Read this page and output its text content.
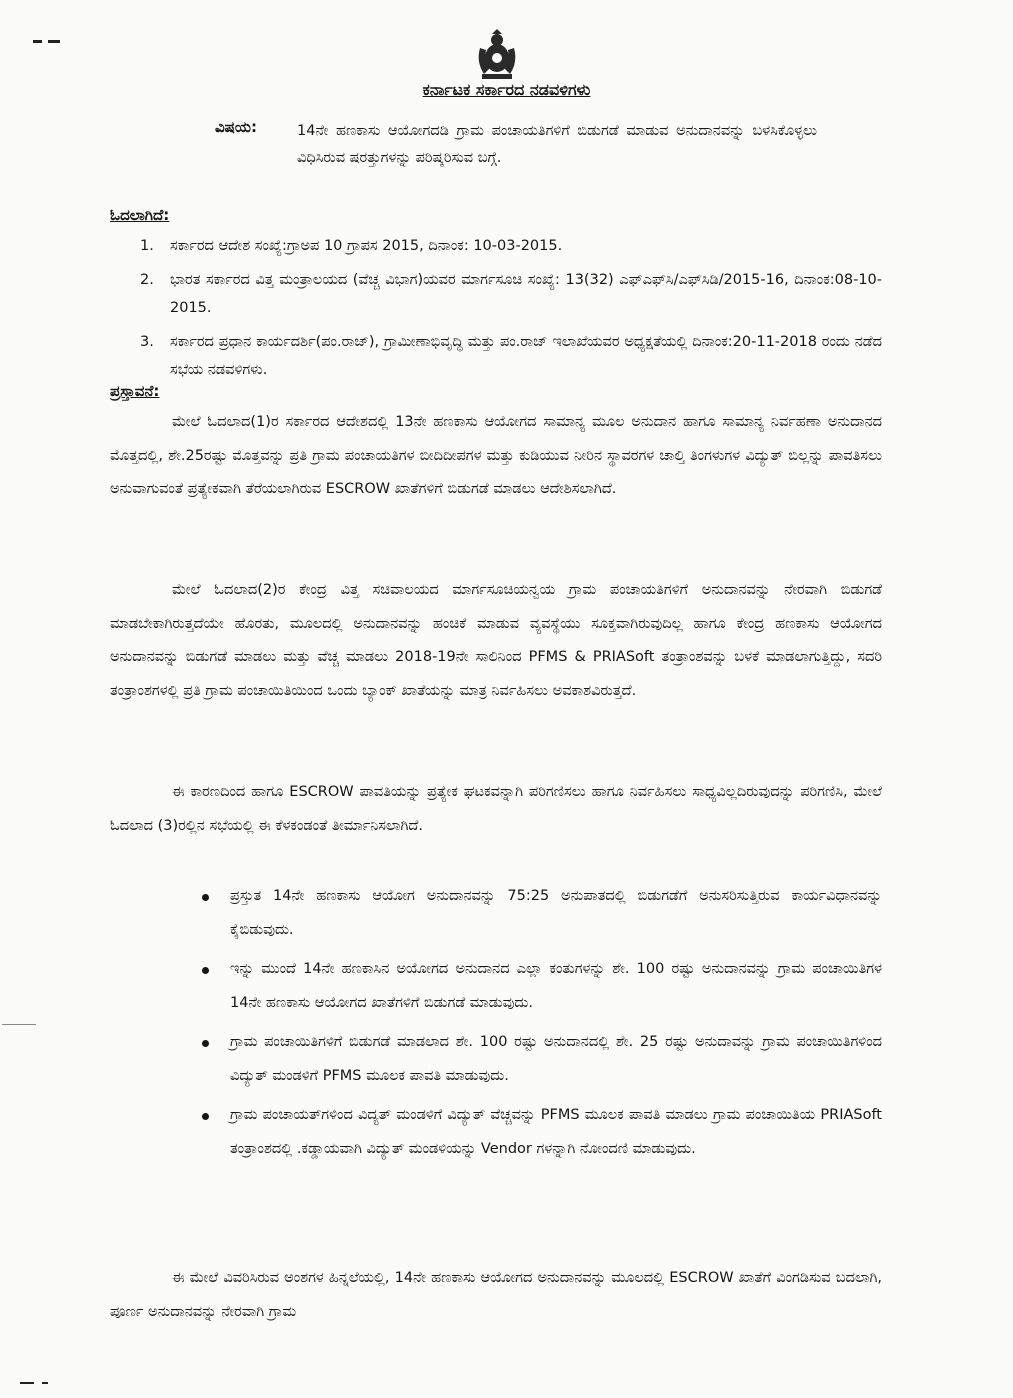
ಕರ್ನಾಟಕ ಸರ್ಕಾರದ ನಡವಳಿಗಳು
ವಿಷಯ:	14ನೇ ಹಣಕಾಸು ಆಯೋಗದಡಿ ಗ್ರಾಮ ಪಂಚಾಯತಿಗಳಿಗೆ ಬಿಡುಗಡೆ ಮಾಡುವ ಅನುದಾನವನ್ನು ಬಳಸಿಕೊಳ್ಳಲು ವಿಧಿಸಿರುವ ಷರತ್ತುಗಳನ್ನು ಪರಿಷ್ಕರಿಸುವ ಬಗ್ಗೆ.
ಓದಲಾಗಿದೆ:
1. ಸರ್ಕಾರದ ಆದೇಶ ಸಂಖ್ಯೆ:ಗ್ರಾಅಪ 10 ಗ್ರಾಪಸ 2015, ದಿನಾಂಕ: 10-03-2015.
2. ಭಾರತ ಸರ್ಕಾರದ ವಿತ್ತ ಮಂತ್ರಾಲಯದ (ವೆಚ್ಚ ವಿಭಾಗ)ಯವರ ಮಾರ್ಗಸೂಚಿ ಸಂಖ್ಯೆ: 13(32) ಎಫ್‌ಎಫ್‌ಸಿ/ಎಫ್‌ಸಿಡಿ/2015-16, ದಿನಾಂಕ:08-10-2015.
3. ಸರ್ಕಾರದ ಪ್ರಧಾನ ಕಾರ್ಯದರ್ಶಿ(ಪಂ.ರಾಜ್), ಗ್ರಾಮೀಣಾಭಿವೃದ್ಧಿ ಮತ್ತು ಪಂ.ರಾಜ್ ಇಲಾಖೆಯವರ ಅಧ್ಯಕ್ಷತೆಯಲ್ಲಿ ದಿನಾಂಕ:20-11-2018 ರಂದು ನಡೆದ ಸಭೆಯ ನಡವಳಿಗಳು.
ಪ್ರಸ್ತಾವನೆ:

ಮೇಲೆ ಓದಲಾದ(1)ರ ಸರ್ಕಾರದ ಆದೇಶದಲ್ಲಿ 13ನೇ ಹಣಕಾಸು ಆಯೋಗದ ಸಾಮಾನ್ಯ ಮೂಲ ಅನುದಾನ ಹಾಗೂ ಸಾಮಾನ್ಯ ನಿರ್ವಹಣಾ ಅನುದಾನದ ಮೊತ್ತದಲ್ಲಿ, ಶೇ.25ರಷ್ಟು ಮೊತ್ತವನ್ನು ಪ್ರತಿ ಗ್ರಾಮ ಪಂಚಾಯತಿಗಳ ಬೀದಿದೀಪಗಳ ಮತ್ತು ಕುಡಿಯುವ ನೀರಿನ ಸ್ಥಾವರಗಳ ಚಾಲ್ತಿ ತಿಂಗಳುಗಳ ವಿದ್ಯುತ್ ಬಿಲ್ಲನ್ನು ಪಾವತಿಸಲು ಅನುವಾಗುವಂತೆ ಪ್ರತ್ಯೇಕವಾಗಿ ತೆರೆಯಲಾಗಿರುವ ESCROW ಖಾತೆಗಳಿಗೆ ಬಿಡುಗಡೆ ಮಾಡಲು ಆದೇಶಿಸಲಾಗಿದೆ.

ಮೇಲೆ ಓದಲಾದ(2)ರ ಕೇಂದ್ರ ವಿತ್ತ ಸಚಿವಾಲಯದ ಮಾರ್ಗಸೂಚಿಯನ್ವಯ ಗ್ರಾಮ ಪಂಚಾಯತಿಗಳಿಗೆ ಅನುದಾನವನ್ನು ನೇರವಾಗಿ ಬಿಡುಗಡೆ ಮಾಡಬೇಕಾಗಿರುತ್ತದೆಯೇ ಹೊರತು, ಮೂಲದಲ್ಲಿ ಅನುದಾನವನ್ನು ಹಂಚಿಕೆ ಮಾಡುವ ವ್ಯವಸ್ಥೆಯು ಸೂಕ್ತವಾಗಿರುವುದಿಲ್ಲ ಹಾಗೂ ಕೇಂದ್ರ ಹಣಕಾಸು ಆಯೋಗದ ಅನುದಾನವನ್ನು ಬಿಡುಗಡೆ ಮಾಡಲು ಮತ್ತು ವೆಚ್ಚ ಮಾಡಲು 2018-19ನೇ ಸಾಲಿನಿಂದ PFMS & PRIASoft ತಂತ್ರಾಂಶವನ್ನು ಬಳಕೆ ಮಾಡಲಾಗುತ್ತಿದ್ದು, ಸದರಿ ತಂತ್ರಾಂಶಗಳಲ್ಲಿ ಪ್ರತಿ ಗ್ರಾಮ ಪಂಚಾಯಿತಿಯಿಂದ ಒಂದು ಬ್ಯಾಂಕ್ ಖಾತೆಯನ್ನು ಮಾತ್ರ ನಿರ್ವಹಿಸಲು ಅವಕಾಶವಿರುತ್ತದೆ.

ಈ ಕಾರಣದಿಂದ ಹಾಗೂ ESCROW ಪಾವತಿಯನ್ನು ಪ್ರತ್ಯೇಕ ಘಟಕವನ್ನಾಗಿ ಪರಿಗಣಿಸಲು ಹಾಗೂ ನಿರ್ವಹಿಸಲು ಸಾಧ್ಯವಿಲ್ಲದಿರುವುದನ್ನು ಪರಿಗಣಿಸಿ, ಮೇಲೆ ಓದಲಾದ (3)ರಲ್ಲಿನ ಸಭೆಯಲ್ಲಿ ಈ ಕೆಳಕಂಡಂತೆ ತೀರ್ಮಾನಿಸಲಾಗಿದೆ.

ಪ್ರಸ್ತುತ 14ನೇ ಹಣಕಾಸು ಆಯೋಗ ಅನುದಾನವನ್ನು 75:25 ಅನುಪಾತದಲ್ಲಿ ಬಿಡುಗಡೆಗೆ ಅನುಸರಿಸುತ್ತಿರುವ ಕಾರ್ಯವಿಧಾನವನ್ನು ಕೈಬಿಡುವುದು.
ಇನ್ನು ಮುಂದೆ 14ನೇ ಹಣಕಾಸಿನ ಅಯೋಗದ ಅನುದಾನದ ಎಲ್ಲಾ ಕಂತುಗಳನ್ನು ಶೇ. 100 ರಷ್ಟು ಅನುದಾನವನ್ನು ಗ್ರಾಮ ಪಂಚಾಯಿತಿಗಳ 14ನೇ ಹಣಕಾಸು ಆಯೋಗದ ಖಾತೆಗಳಿಗೆ ಬಿಡುಗಡೆ ಮಾಡುವುದು.
ಗ್ರಾಮ ಪಂಚಾಯಿತಿಗಳಿಗೆ ಬಿಡುಗಡೆ ಮಾಡಲಾದ ಶೇ. 100 ರಷ್ಟು ಅನುದಾನದಲ್ಲಿ ಶೇ. 25 ರಷ್ಟು ಅನುದಾವನ್ನು ಗ್ರಾಮ ಪಂಚಾಯಿತಿಗಳಿಂದ ವಿದ್ಯುತ್ ಮಂಡಳಿಗೆ PFMS ಮೂಲಕ ಪಾವತಿ ಮಾಡುವುದು.
ಗ್ರಾಮ ಪಂಚಾಯತ್‌ಗಳಿಂದ ವಿದ್ಯತ್ ಮಂಡಳಿಗೆ ವಿದ್ಯುತ್ ವೆಚ್ಚವನ್ನು PFMS ಮೂಲಕ ಪಾವತಿ ಮಾಡಲು ಗ್ರಾಮ ಪಂಚಾಯಿತಿಯ PRIASoft ತಂತ್ರಾಂಶದಲ್ಲಿ .ಕಡ್ಡಾಯವಾಗಿ ವಿದ್ಯುತ್ ಮಂಡಳಿಯನ್ನು Vendor ಗಳನ್ನಾಗಿ ನೋಂದಣಿ ಮಾಡುವುದು.

ಈ ಮೇಲೆ ವಿವರಿಸಿರುವ ಅಂಶಗಳ ಹಿನ್ನಲೆಯಲ್ಲಿ, 14ನೇ ಹಣಕಾಸು ಆಯೋಗದ ಅನುದಾನವನ್ನು ಮೂಲದಲ್ಲಿ ESCROW ಖಾತೆಗೆ ವಿಂಗಡಿಸುವ ಬದಲಾಗಿ, ಪೂರ್ಣ ಅನುದಾನವನ್ನು ನೇರವಾಗಿ ಗ್ರಾಮ
